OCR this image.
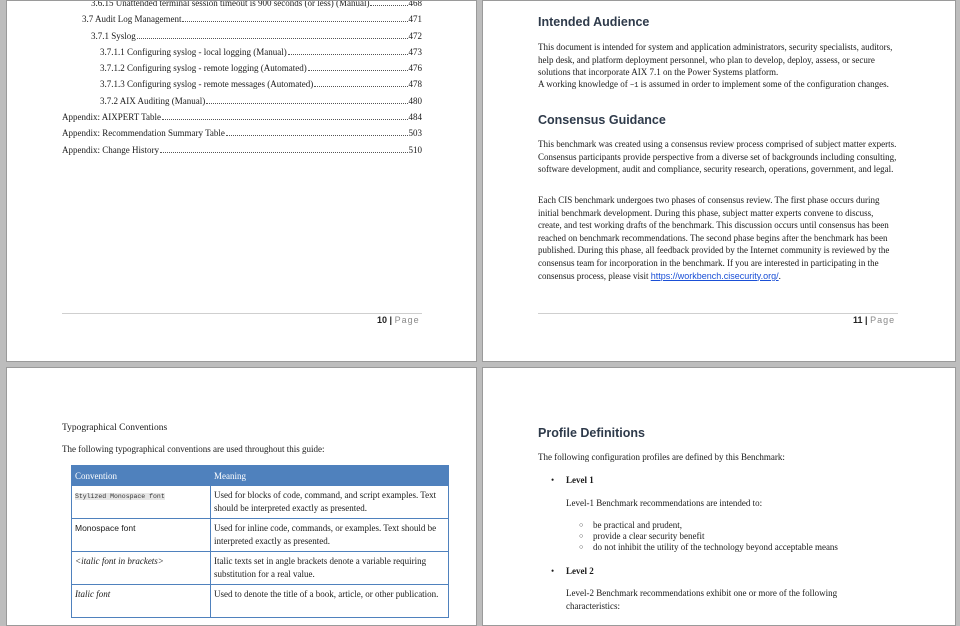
3.6.15 Unattended terminal session timeout is 900 seconds (or less) (Manual)	468
3.7 Audit Log Management	471
3.7.1 Syslog	472
3.7.1.1 Configuring syslog - local logging (Manual)	473
3.7.1.2 Configuring syslog - remote logging (Automated)	476
3.7.1.3 Configuring syslog - remote messages (Automated)	478
3.7.2 AIX Auditing (Manual)	480
Appendix: AIXPERT Table	484
Appendix: Recommendation Summary Table	503
Appendix: Change History	510
10 | Page
Intended Audience
This document is intended for system and application administrators, security specialists, auditors, help desk, and platform deployment personnel, who plan to develop, deploy, assess, or secure solutions that incorporate AIX 7.1 on the Power Systems platform.
A working knowledge of ~1 is assumed in order to implement some of the configuration changes.
Consensus Guidance
This benchmark was created using a consensus review process comprised of subject matter experts. Consensus participants provide perspective from a diverse set of backgrounds including consulting, software development, audit and compliance, security research, operations, government, and legal.
Each CIS benchmark undergoes two phases of consensus review. The first phase occurs during initial benchmark development. During this phase, subject matter experts convene to discuss, create, and test working drafts of the benchmark. This discussion occurs until consensus has been reached on benchmark recommendations. The second phase begins after the benchmark has been published. During this phase, all feedback provided by the Internet community is reviewed by the consensus team for incorporation in the benchmark. If you are interested in participating in the consensus process, please visit https://workbench.cisecurity.org/.
11 | Page
Typographical Conventions
The following typographical conventions are used throughout this guide:
Convention	Meaning
Stylized Monospace font	Used for blocks of code, command, and script examples. Text should be interpreted exactly as presented.
Monospace font	Used for inline code, commands, or examples. Text should be interpreted exactly as presented.
<italic font in brackets>	Italic texts set in angle brackets denote a variable requiring substitution for a real value.
Italic font	Used to denote the title of a book, article, or other publication.
Profile Definitions
The following configuration profiles are defined by this Benchmark:
• Level 1
Level-1 Benchmark recommendations are intended to:
○ be practical and prudent,
○ provide a clear security benefit
○ do not inhibit the utility of the technology beyond acceptable means
• Level 2
Level-2 Benchmark recommendations exhibit one or more of the following characteristics:
